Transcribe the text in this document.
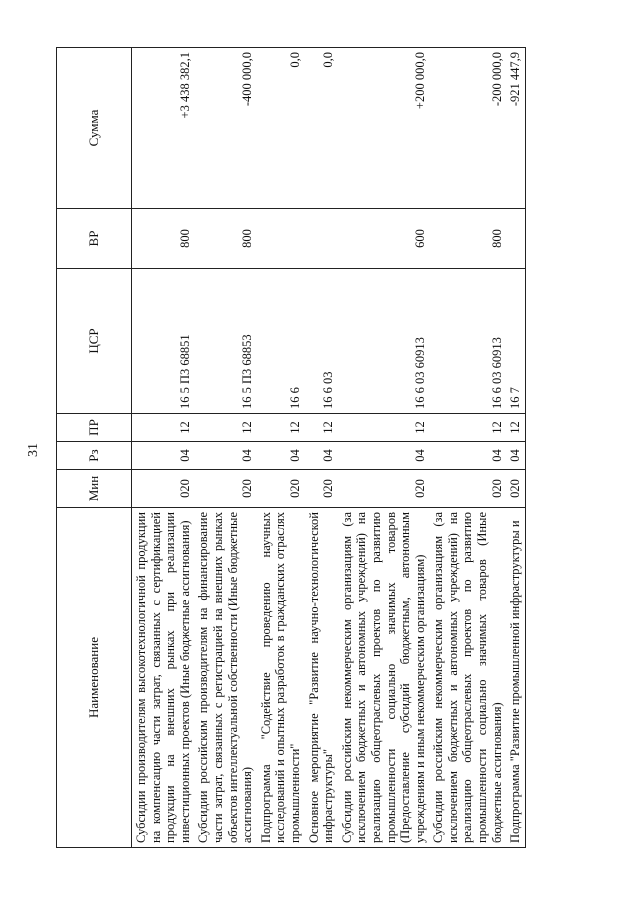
31
Наименование	Мин	Рз	ПР	ЦСР	ВР	Сумма
Субсидии производителям высокотехнологичной продукции на компенсацию части затрат, связанных с сертификацией продукции на внешних рынках при реализации инвестиционных проектов (Иные бюджетные ассигнования)	020	04	12	16 5 П3 68851	800	+3 438 382,1
Субсидии российским производителям на финансирование части затрат, связанных с регистрацией на внешних рынках объектов интеллектуальной собственности (Иные бюджетные ассигнования)	020	04	12	16 5 П3 68853	800	-400 000,0
Подпрограмма "Содействие проведению научных исследований и опытных разработок в гражданских отраслях промышленности"	020	04	12	16 6		0,0
Основное мероприятие "Развитие научно-технологической инфраструктуры"	020	04	12	16 6 03		0,0
Субсидии российским некоммерческим организациям (за исключением бюджетных и автономных учреждений) на реализацию общеотраслевых проектов по развитию промышленности социально значимых товаров (Предоставление субсидий бюджетным, автономным учреждениям и иным некоммерческим организациям)	020	04	12	16 6 03 60913	600	+200 000,0
Субсидии российским некоммерческим организациям (за исключением бюджетных и автономных учреждений) на реализацию общеотраслевых проектов по развитию промышленности социально значимых товаров (Иные бюджетные ассигнования)	020	04	12	16 6 03 60913	800	-200 000,0
Подпрограмма "Развитие промышленной инфраструктуры и	020	04	12	16 7		-921 447,9
